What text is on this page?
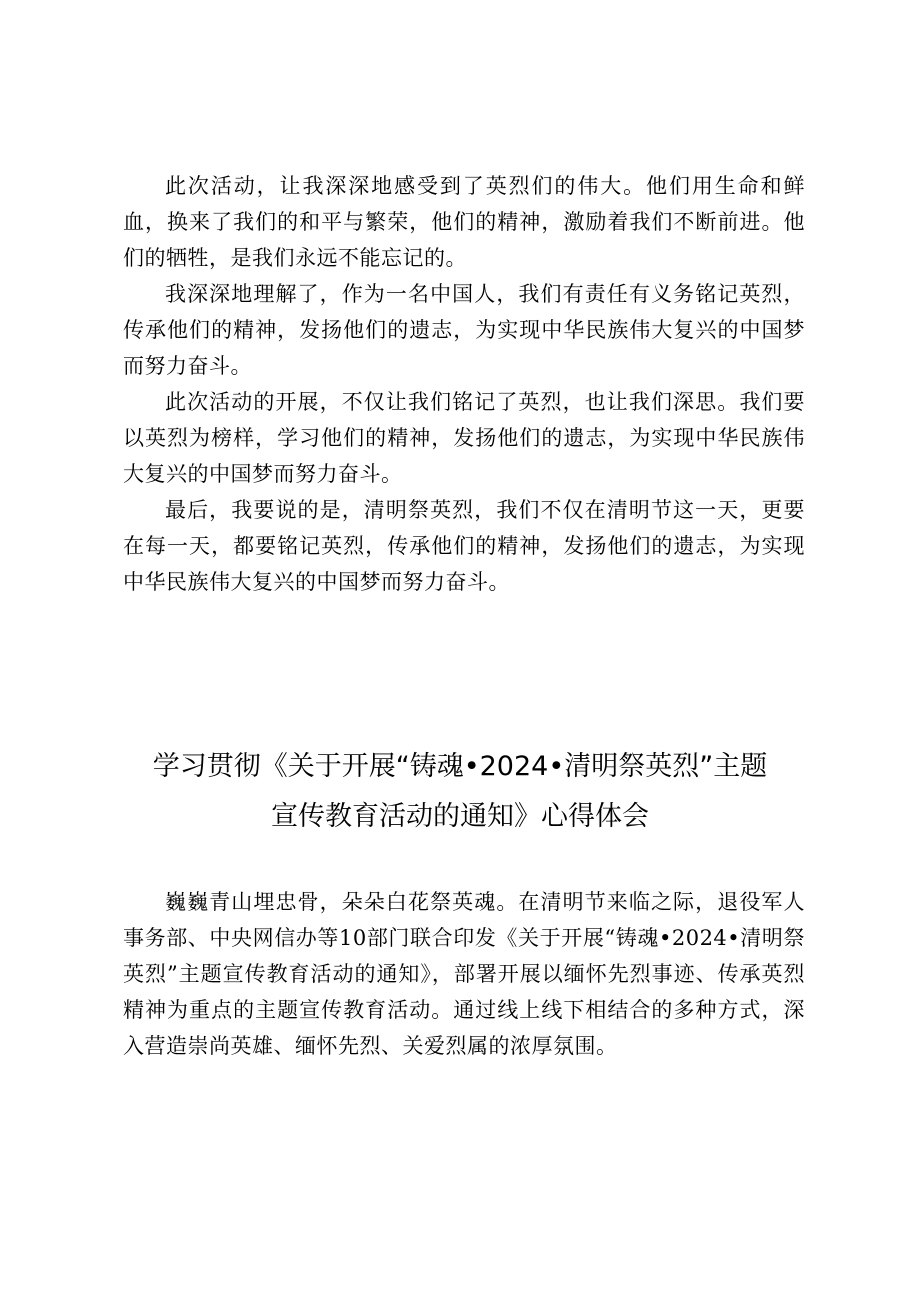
此次活动，让我深深地感受到了英烈们的伟大。他们用生命和鲜血，换来了我们的和平与繁荣，他们的精神，激励着我们不断前进。他们的牺牲，是我们永远不能忘记的。

我深深地理解了，作为一名中国人，我们有责任有义务铭记英烈，传承他们的精神，发扬他们的遗志，为实现中华民族伟大复兴的中国梦而努力奋斗。

此次活动的开展，不仅让我们铭记了英烈，也让我们深思。我们要以英烈为榜样，学习他们的精神，发扬他们的遗志，为实现中华民族伟大复兴的中国梦而努力奋斗。

最后，我要说的是，清明祭英烈，我们不仅在清明节这一天，更要在每一天，都要铭记英烈，传承他们的精神，发扬他们的遗志，为实现中华民族伟大复兴的中国梦而努力奋斗。

学习贯彻《关于开展“铸魂•2024•清明祭英烈”主题
宣传教育活动的通知》心得体会

巍巍青山埋忠骨，朵朵白花祭英魂。在清明节来临之际，退役军人事务部、中央网信办等10部门联合印发《关于开展“铸魂•2024•清明祭英烈”主题宣传教育活动的通知》，部署开展以缅怀先烈事迹、传承英烈精神为重点的主题宣传教育活动。通过线上线下相结合的多种方式，深入营造崇尚英雄、缅怀先烈、关爱烈属的浓厚氛围。
